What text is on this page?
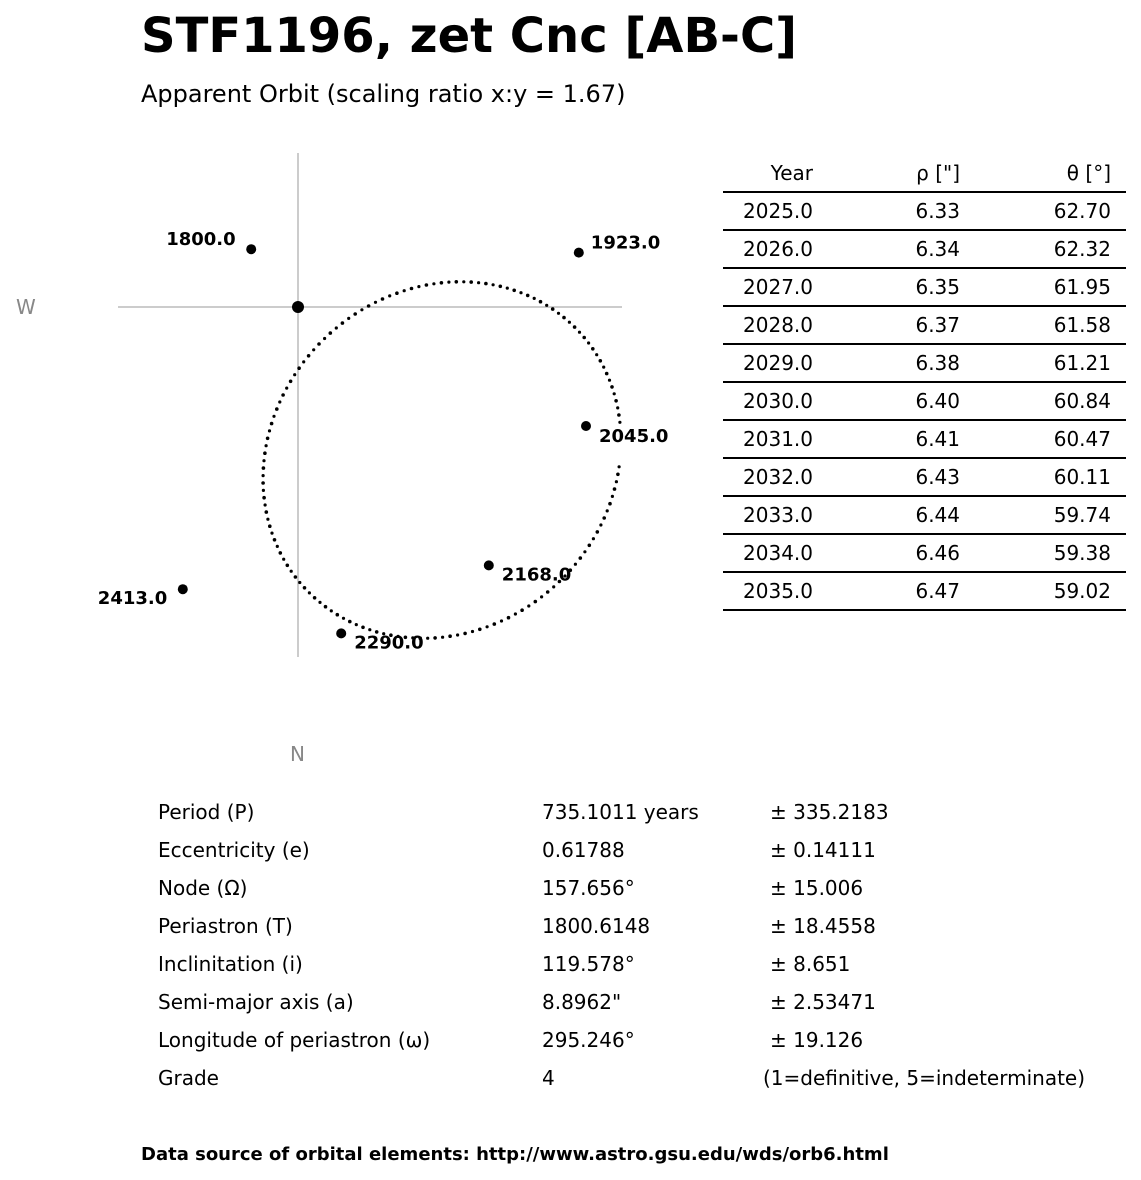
STF1196, zet Cnc [AB-C]
Apparent Orbit (scaling ratio x:y = 1.67)
W
N
1800.0	1923.0
2045.0
2168.0
2290.0
2413.0
Year	ρ ["]	θ [°]	
2025.0	6.33	62.70	
2026.0	6.34	62.32	
2027.0	6.35	61.95	
2028.0	6.37	61.58	
2029.0	6.38	61.21	
2030.0	6.40	60.84	
2031.0	6.41	60.47	
2032.0	6.43	60.11	
2033.0	6.44	59.74	
2034.0	6.46	59.38	
2035.0	6.47	59.02	
Period (P)	735.1011 years	± 335.2183
Eccentricity (e)	0.61788	± 0.14111
Node (Ω)	157.656°	± 15.006
Periastron (T)	1800.6148	± 18.4558
Inclinitation (i)	119.578°	± 8.651
Semi-major axis (a)	8.8962"	± 2.53471
Longitude of periastron (ω)	295.246°	± 19.126
Grade	4	(1=definitive, 5=indeterminate)
Data source of orbital elements: http://www.astro.gsu.edu/wds/orb6.html
